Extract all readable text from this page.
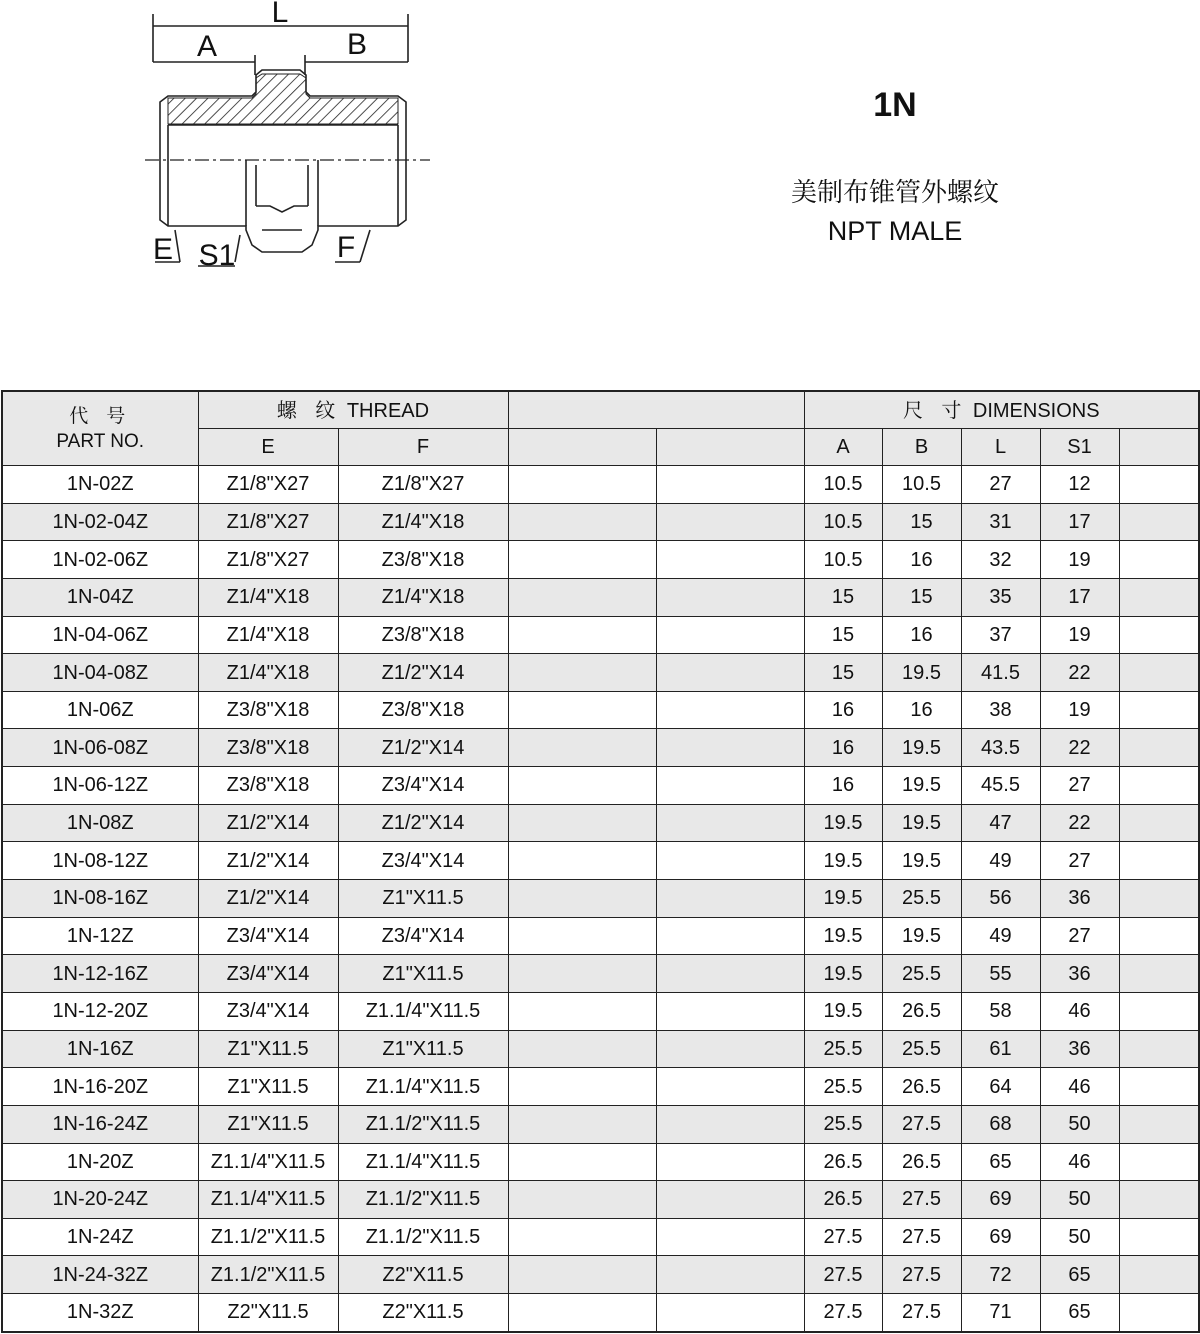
L
A	B
E S1	F
1N
美制布锥管外螺纹
NPT MALE
代 号
PART NO.	螺 纹 THREAD				尺 寸 DIMENSIONS				
	E	F			A	B	L	S1	
1N-02Z	Z1/8"X27	Z1/8"X27			10.5	10.5	27	12	
1N-02-04Z	Z1/8"X27	Z1/4"X18			10.5	15	31	17	
1N-02-06Z	Z1/8"X27	Z3/8"X18			10.5	16	32	19	
1N-04Z	Z1/4"X18	Z1/4"X18			15	15	35	17	
1N-04-06Z	Z1/4"X18	Z3/8"X18			15	16	37	19	
1N-04-08Z	Z1/4"X18	Z1/2"X14			15	19.5	41.5	22	
1N-06Z	Z3/8"X18	Z3/8"X18			16	16	38	19	
1N-06-08Z	Z3/8"X18	Z1/2"X14			16	19.5	43.5	22	
1N-06-12Z	Z3/8"X18	Z3/4"X14			16	19.5	45.5	27	
1N-08Z	Z1/2"X14	Z1/2"X14			19.5	19.5	47	22	
1N-08-12Z	Z1/2"X14	Z3/4"X14			19.5	19.5	49	27	
1N-08-16Z	Z1/2"X14	Z1"X11.5			19.5	25.5	56	36	
1N-12Z	Z3/4"X14	Z3/4"X14			19.5	19.5	49	27	
1N-12-16Z	Z3/4"X14	Z1"X11.5			19.5	25.5	55	36	
1N-12-20Z	Z3/4"X14	Z1.1/4"X11.5			19.5	26.5	58	46	
1N-16Z	Z1"X11.5	Z1"X11.5			25.5	25.5	61	36	
1N-16-20Z	Z1"X11.5	Z1.1/4"X11.5			25.5	26.5	64	46	
1N-16-24Z	Z1"X11.5	Z1.1/2"X11.5			25.5	27.5	68	50	
1N-20Z	Z1.1/4"X11.5	Z1.1/4"X11.5			26.5	26.5	65	46	
1N-20-24Z	Z1.1/4"X11.5	Z1.1/2"X11.5			26.5	27.5	69	50	
1N-24Z	Z1.1/2"X11.5	Z1.1/2"X11.5			27.5	27.5	69	50	
1N-24-32Z	Z1.1/2"X11.5	Z2"X11.5			27.5	27.5	72	65	
1N-32Z	Z2"X11.5	Z2"X11.5			27.5	27.5	71	65	
